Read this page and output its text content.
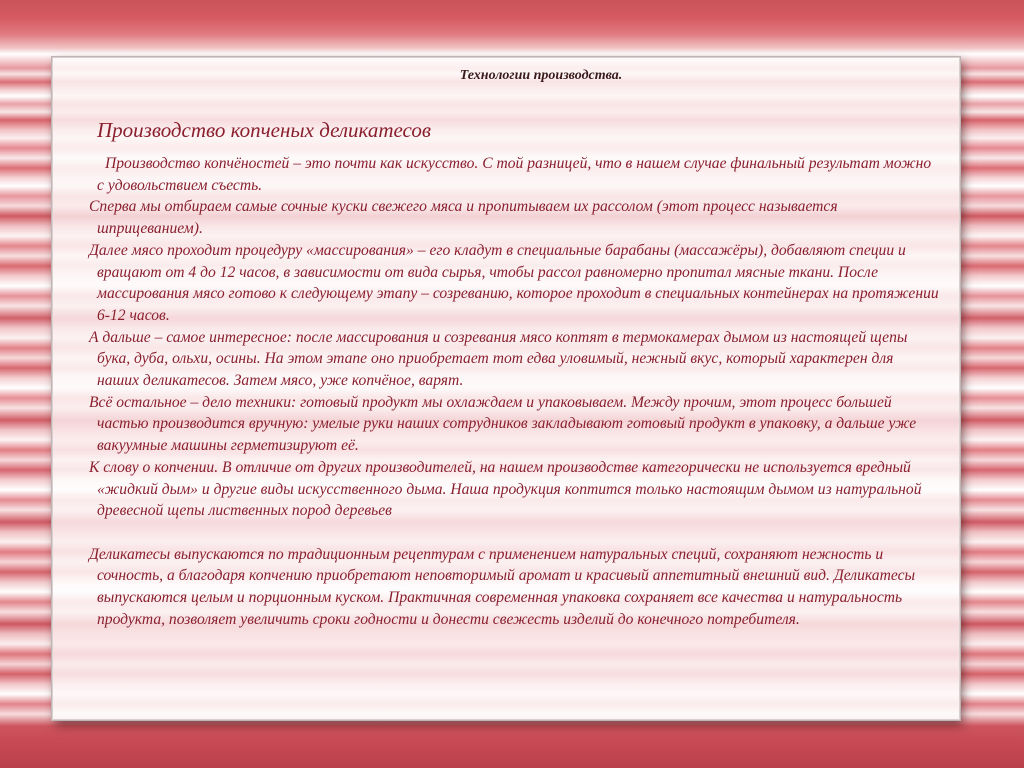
Технологии производства.
Производство копченых деликатесов

Производство копчёностей – это почти как искусство. С той разницей, что в нашем случае финальный результат можно с удовольствием съесть.

Сперва мы отбираем самые сочные куски свежего мяса и пропитываем их рассолом (этот процесс называется шприцеванием).

Далее мясо проходит процедуру «массирования» – его кладут в специальные барабаны (массажёры), добавляют специи и вращают от 4 до 12 часов, в зависимости от вида сырья, чтобы рассол равномерно пропитал мясные ткани. После массирования мясо готово к следующему этапу – созреванию, которое проходит в специальных контейнерах на протяжении 6-12 часов.

А дальше – самое интересное: после массирования и созревания мясо коптят в термокамерах дымом из настоящей щепы бука, дуба, ольхи, осины. На этом этапе оно приобретает тот едва уловимый, нежный вкус, который характерен для наших деликатесов. Затем мясо, уже копчёное, варят.

Всё остальное – дело техники: готовый продукт мы охлаждаем и упаковываем. Между прочим, этот процесс большей частью производится вручную: умелые руки наших сотрудников закладывают готовый продукт в упаковку, а дальше уже вакуумные машины герметизируют её.

К слову о копчении. В отличие от других производителей, на нашем производстве категорически не используется вредный «жидкий дым» и другие виды искусственного дыма. Наша продукция коптится только настоящим дымом из натуральной древесной щепы лиственных пород деревьев

Деликатесы выпускаются по традиционным рецептурам с применением натуральных специй, сохраняют нежность и сочность, а благодаря копчению приобретают неповторимый аромат и красивый аппетитный внешний вид. Деликатесы выпускаются целым и порционным куском. Практичная современная упаковка сохраняет все качества и натуральность продукта, позволяет увеличить сроки годности и донести свежесть изделий до конечного потребителя.
